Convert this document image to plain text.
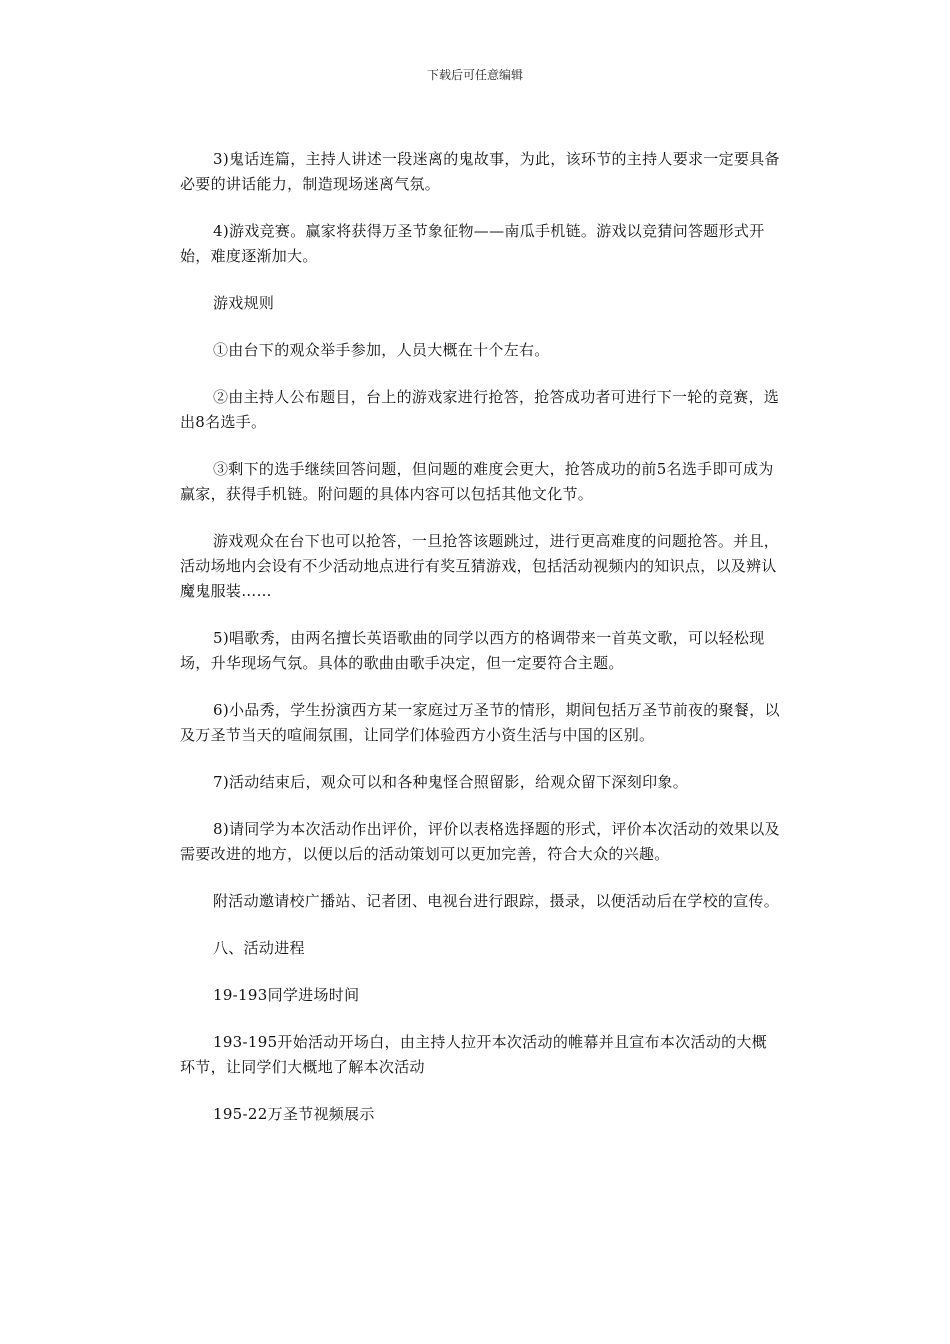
下载后可任意编辑

3)鬼话连篇，主持人讲述一段迷离的鬼故事，为此，该环节的主持人要求一定要具备必要的讲话能力，制造现场迷离气氛。

4)游戏竞赛。赢家将获得万圣节象征物——南瓜手机链。游戏以竞猜问答题形式开始，难度逐渐加大。

游戏规则

①由台下的观众举手参加，人员大概在十个左右。

②由主持人公布题目，台上的游戏家进行抢答，抢答成功者可进行下一轮的竞赛，选出8名选手。

③剩下的选手继续回答问题，但问题的难度会更大，抢答成功的前5名选手即可成为赢家，获得手机链。附问题的具体内容可以包括其他文化节。

游戏观众在台下也可以抢答，一旦抢答该题跳过，进行更高难度的问题抢答。并且，活动场地内会设有不少活动地点进行有奖互猜游戏，包括活动视频内的知识点，以及辨认魔鬼服装……

5)唱歌秀，由两名擅长英语歌曲的同学以西方的格调带来一首英文歌，可以轻松现场，升华现场气氛。具体的歌曲由歌手决定，但一定要符合主题。

6)小品秀，学生扮演西方某一家庭过万圣节的情形，期间包括万圣节前夜的聚餐，以及万圣节当天的喧闹氛围，让同学们体验西方小资生活与中国的区别。

7)活动结束后，观众可以和各种鬼怪合照留影，给观众留下深刻印象。

8)请同学为本次活动作出评价，评价以表格选择题的形式，评价本次活动的效果以及需要改进的地方，以便以后的活动策划可以更加完善，符合大众的兴趣。

附活动邀请校广播站、记者团、电视台进行跟踪，摄录，以便活动后在学校的宣传。

八、活动进程

19-193同学进场时间

193-195开始活动开场白，由主持人拉开本次活动的帷幕并且宣布本次活动的大概环节，让同学们大概地了解本次活动

195-22万圣节视频展示
